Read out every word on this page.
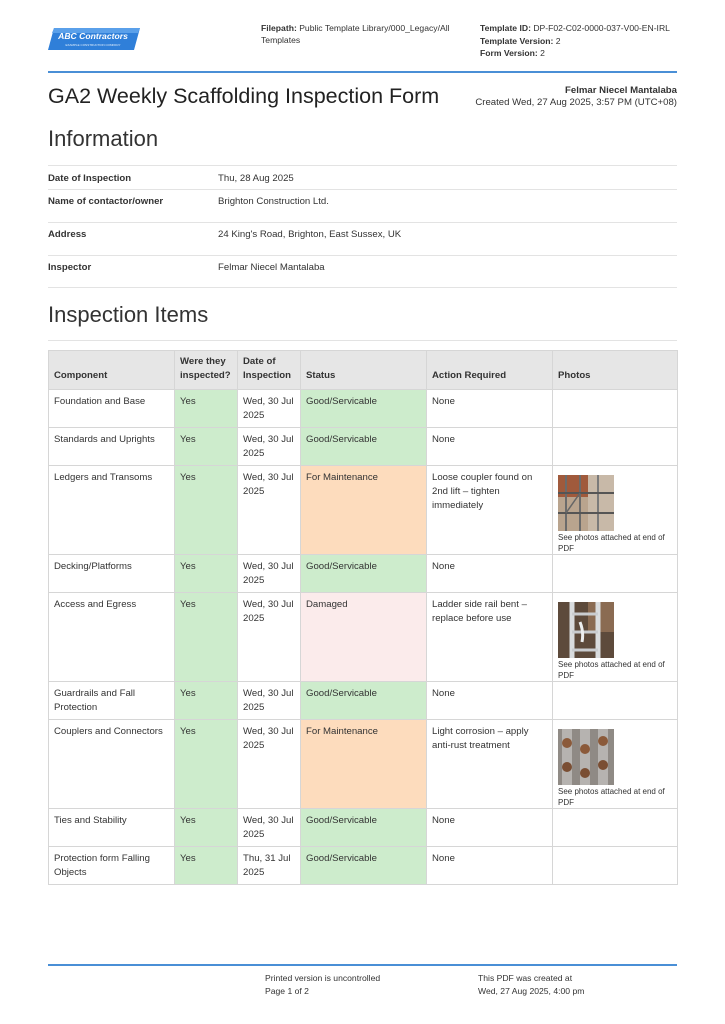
ABC Contractors
EXAMPLE CONSTRUCTION COMPANY
Filepath: Public Template Library/000_Legacy/All Templates
Template ID: DP-F02-C02-0000-037-V00-EN-IRL
Template Version: 2
Form Version: 2
GA2 Weekly Scaffolding Inspection Form	Felmar Niecel Mantalaba
Created Wed, 27 Aug 2025, 3:57 PM (UTC+08)
Information
Date of Inspection	Thu, 28 Aug 2025
Name of contactor/owner	Brighton Construction Ltd.
Address	24 King's Road, Brighton, East Sussex, UK
Inspector	Felmar Niecel Mantalaba
Inspection Items
Component	Were they inspected?	Date of Inspection	Status	Action Required	Photos
Foundation and Base	Yes	Wed, 30 Jul 2025	Good/Servicable	None	
Standards and Uprights	Yes	Wed, 30 Jul 2025	Good/Servicable	None	
Ledgers and Transoms	Yes	Wed, 30 Jul 2025	For Maintenance	Loose coupler found on 2nd lift – tighten immediately	See photos attached at end of PDF

Decking/Platforms	Yes	Wed, 30 Jul 2025	Good/Servicable	None	
Access and Egress	Yes	Wed, 30 Jul 2025	Damaged	Ladder side rail bent – replace before use	See photos attached at end of PDF

Guardrails and Fall Protection	Yes	Wed, 30 Jul 2025	Good/Servicable	None	
Couplers and Connectors	Yes	Wed, 30 Jul 2025	For Maintenance	Light corrosion – apply anti-rust treatment	See photos attached at end of PDF

Ties and Stability	Yes	Wed, 30 Jul 2025	Good/Servicable	None	
Protection form Falling Objects	Yes	Thu, 31 Jul 2025	Good/Servicable	None	
Printed version is uncontrolled
Page 1 of 2
This PDF was created at
Wed, 27 Aug 2025, 4:00 pm
